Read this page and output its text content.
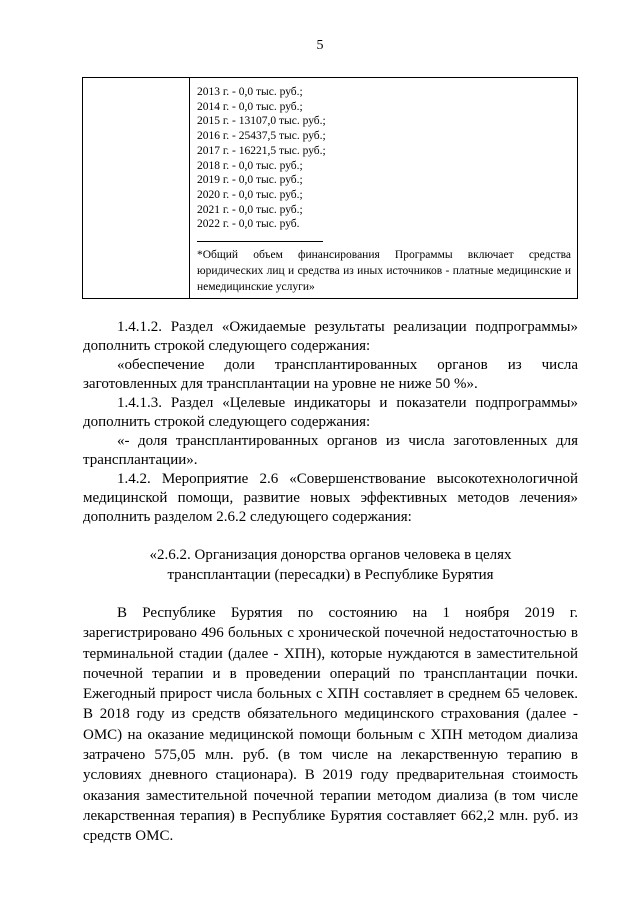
5
2013 г. - 0,0 тыс. руб.;
2014 г. - 0,0 тыс. руб.;
2015 г. - 13107,0 тыс. руб.;
2016 г. - 25437,5 тыс. руб.;
2017 г. - 16221,5 тыс. руб.;
2018 г. - 0,0 тыс. руб.;
2019 г. - 0,0 тыс. руб.;
2020 г. - 0,0 тыс. руб.;
2021 г. - 0,0 тыс. руб.;
2022 г. - 0,0 тыс. руб.
*Общий объем финансирования Программы включает средства юридических лиц и средства из иных источников - платные медицинские и немедицинские услуги»

1.4.1.2. Раздел «Ожидаемые результаты реализации подпрограммы» дополнить строкой следующего содержания:

«обеспечение доли трансплантированных органов из числа заготовленных для трансплантации на уровне не ниже 50 %».

1.4.1.3. Раздел «Целевые индикаторы и показатели подпрограммы» дополнить строкой следующего содержания:

«- доля трансплантированных органов из числа заготовленных для трансплантации».

1.4.2. Мероприятие 2.6 «Совершенствование высокотехнологичной медицинской помощи, развитие новых эффективных методов лечения» дополнить разделом 2.6.2 следующего содержания:

«2.6.2. Организация донорства органов человека в целях
трансплантации (пересадки) в Республике Бурятия

В Республике Бурятия по состоянию на 1 ноября 2019 г. зарегистрировано 496 больных с хронической почечной недостаточностью в терминальной стадии (далее - ХПН), которые нуждаются в заместительной почечной терапии и в проведении операций по трансплантации почки. Ежегодный прирост числа больных с ХПН составляет в среднем 65 человек. В 2018 году из средств обязательного медицинского страхования (далее - ОМС) на оказание медицинской помощи больным с ХПН методом диализа затрачено 575,05 млн. руб. (в том числе на лекарственную терапию в условиях дневного стационара). В 2019 году предварительная стоимость оказания заместительной почечной терапии методом диализа (в том числе лекарственная терапия) в Республике Бурятия составляет 662,2 млн. руб. из средств ОМС.
